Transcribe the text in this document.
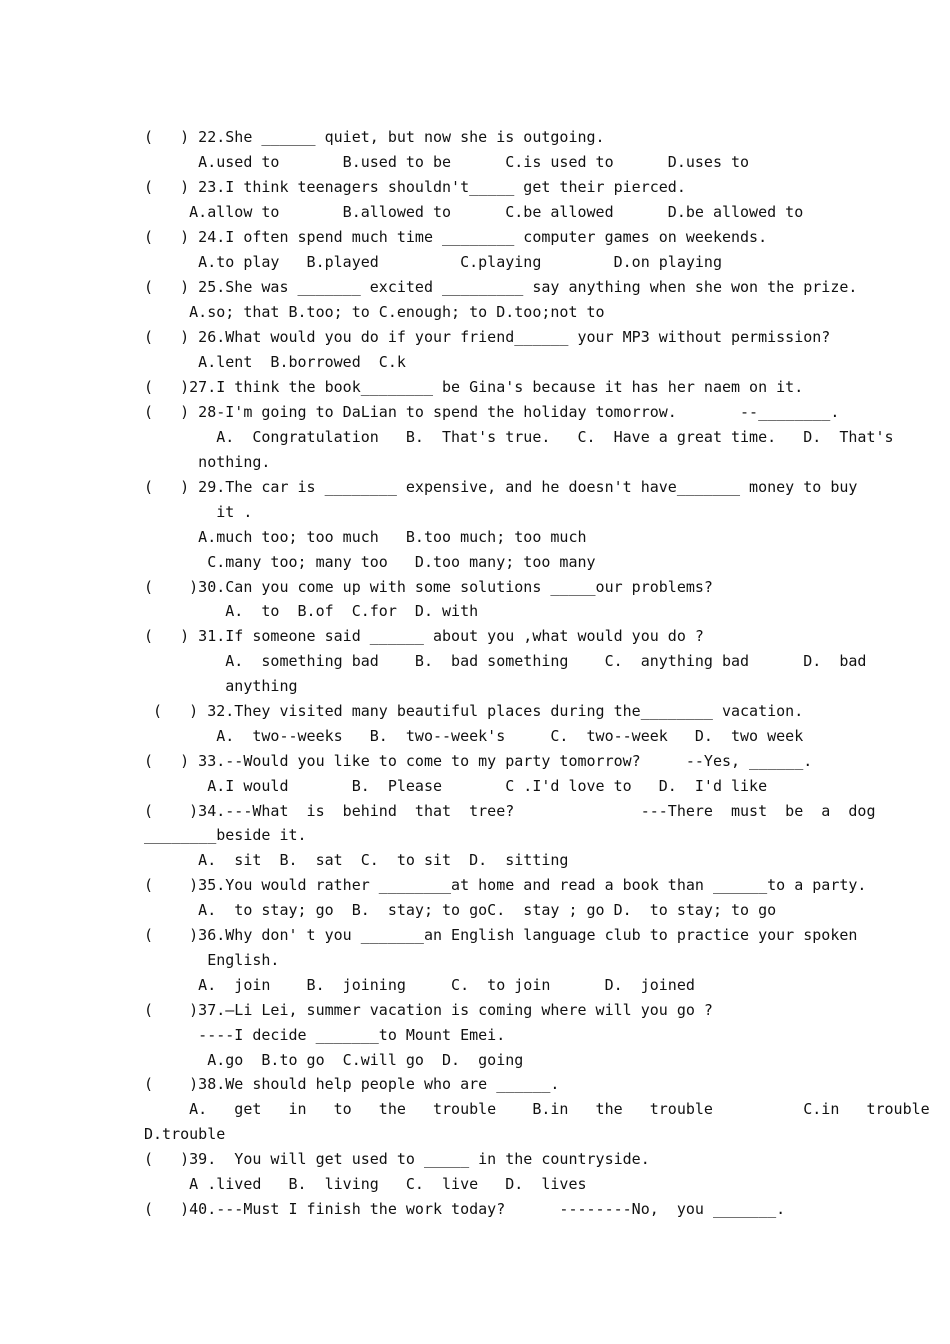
(   ) 22.She ______ quiet, but now she is outgoing.
A.used to       B.used to be      C.is used to      D.uses to
(   ) 23.I think teenagers shouldn't_____ get their pierced.
A.allow to       B.allowed to      C.be allowed      D.be allowed to
(   ) 24.I often spend much time ________ computer games on weekends.
A.to play   B.played         C.playing        D.on playing
(   ) 25.She was _______ excited _________ say anything when she won the prize.
A.so; that B.too; to C.enough; to D.too;not to
(   ) 26.What would you do if your friend______ your MP3 without permission?
A.lent  B.borrowed  C.k
(   )27.I think the book________ be Gina's because it has her naem on it.
(   ) 28-I'm going to DaLian to spend the holiday tomorrow.       --________.
A.  Congratulation   B.  That's true.   C.  Have a great time.   D.  That's
nothing.
(   ) 29.The car is ________ expensive, and he doesn't have_______ money to buy
it .
A.much too; too much   B.too much; too much
C.many too; many too   D.too many; too many
(    )30.Can you come up with some solutions _____our problems?
A.  to  B.of  C.for  D. with
(   ) 31.If someone said ______ about you ,what would you do ?
A.  something bad    B.  bad something    C.  anything bad      D.  bad
anything
(   ) 32.They visited many beautiful places during the________ vacation.
A.  two--weeks   B.  two--week's     C.  two--week   D.  two week
(   ) 33.--Would you like to come to my party tomorrow?     --Yes, ______.
A.I would       B.  Please       C .I'd love to   D.  I'd like
(    )34.---What  is  behind  that  tree?              ---There  must  be  a  dog
________beside it.
A.  sit  B.  sat  C.  to sit  D.  sitting
(    )35.You would rather ________at home and read a book than ______to a party.
A.  to stay; go  B.  stay; to goC.  stay ; go D.  to stay; to go
(    )36.Why don' t you _______an English language club to practice your spoken
English.
A.  join    B.  joining     C.  to join      D.  joined
(    )37.—Li Lei, summer vacation is coming where will you go ?
----I decide _______to Mount Emei.
A.go  B.to go  C.will go  D.  going
(    )38.We should help people who are ______.
A.   get   in   to   the   trouble    B.in   the   trouble          C.in   trouble
D.trouble
(   )39.  You will get used to _____ in the countryside.
A .lived   B.  living   C.  live   D.  lives
(   )40.---Must I finish the work today?      --------No,  you _______.
